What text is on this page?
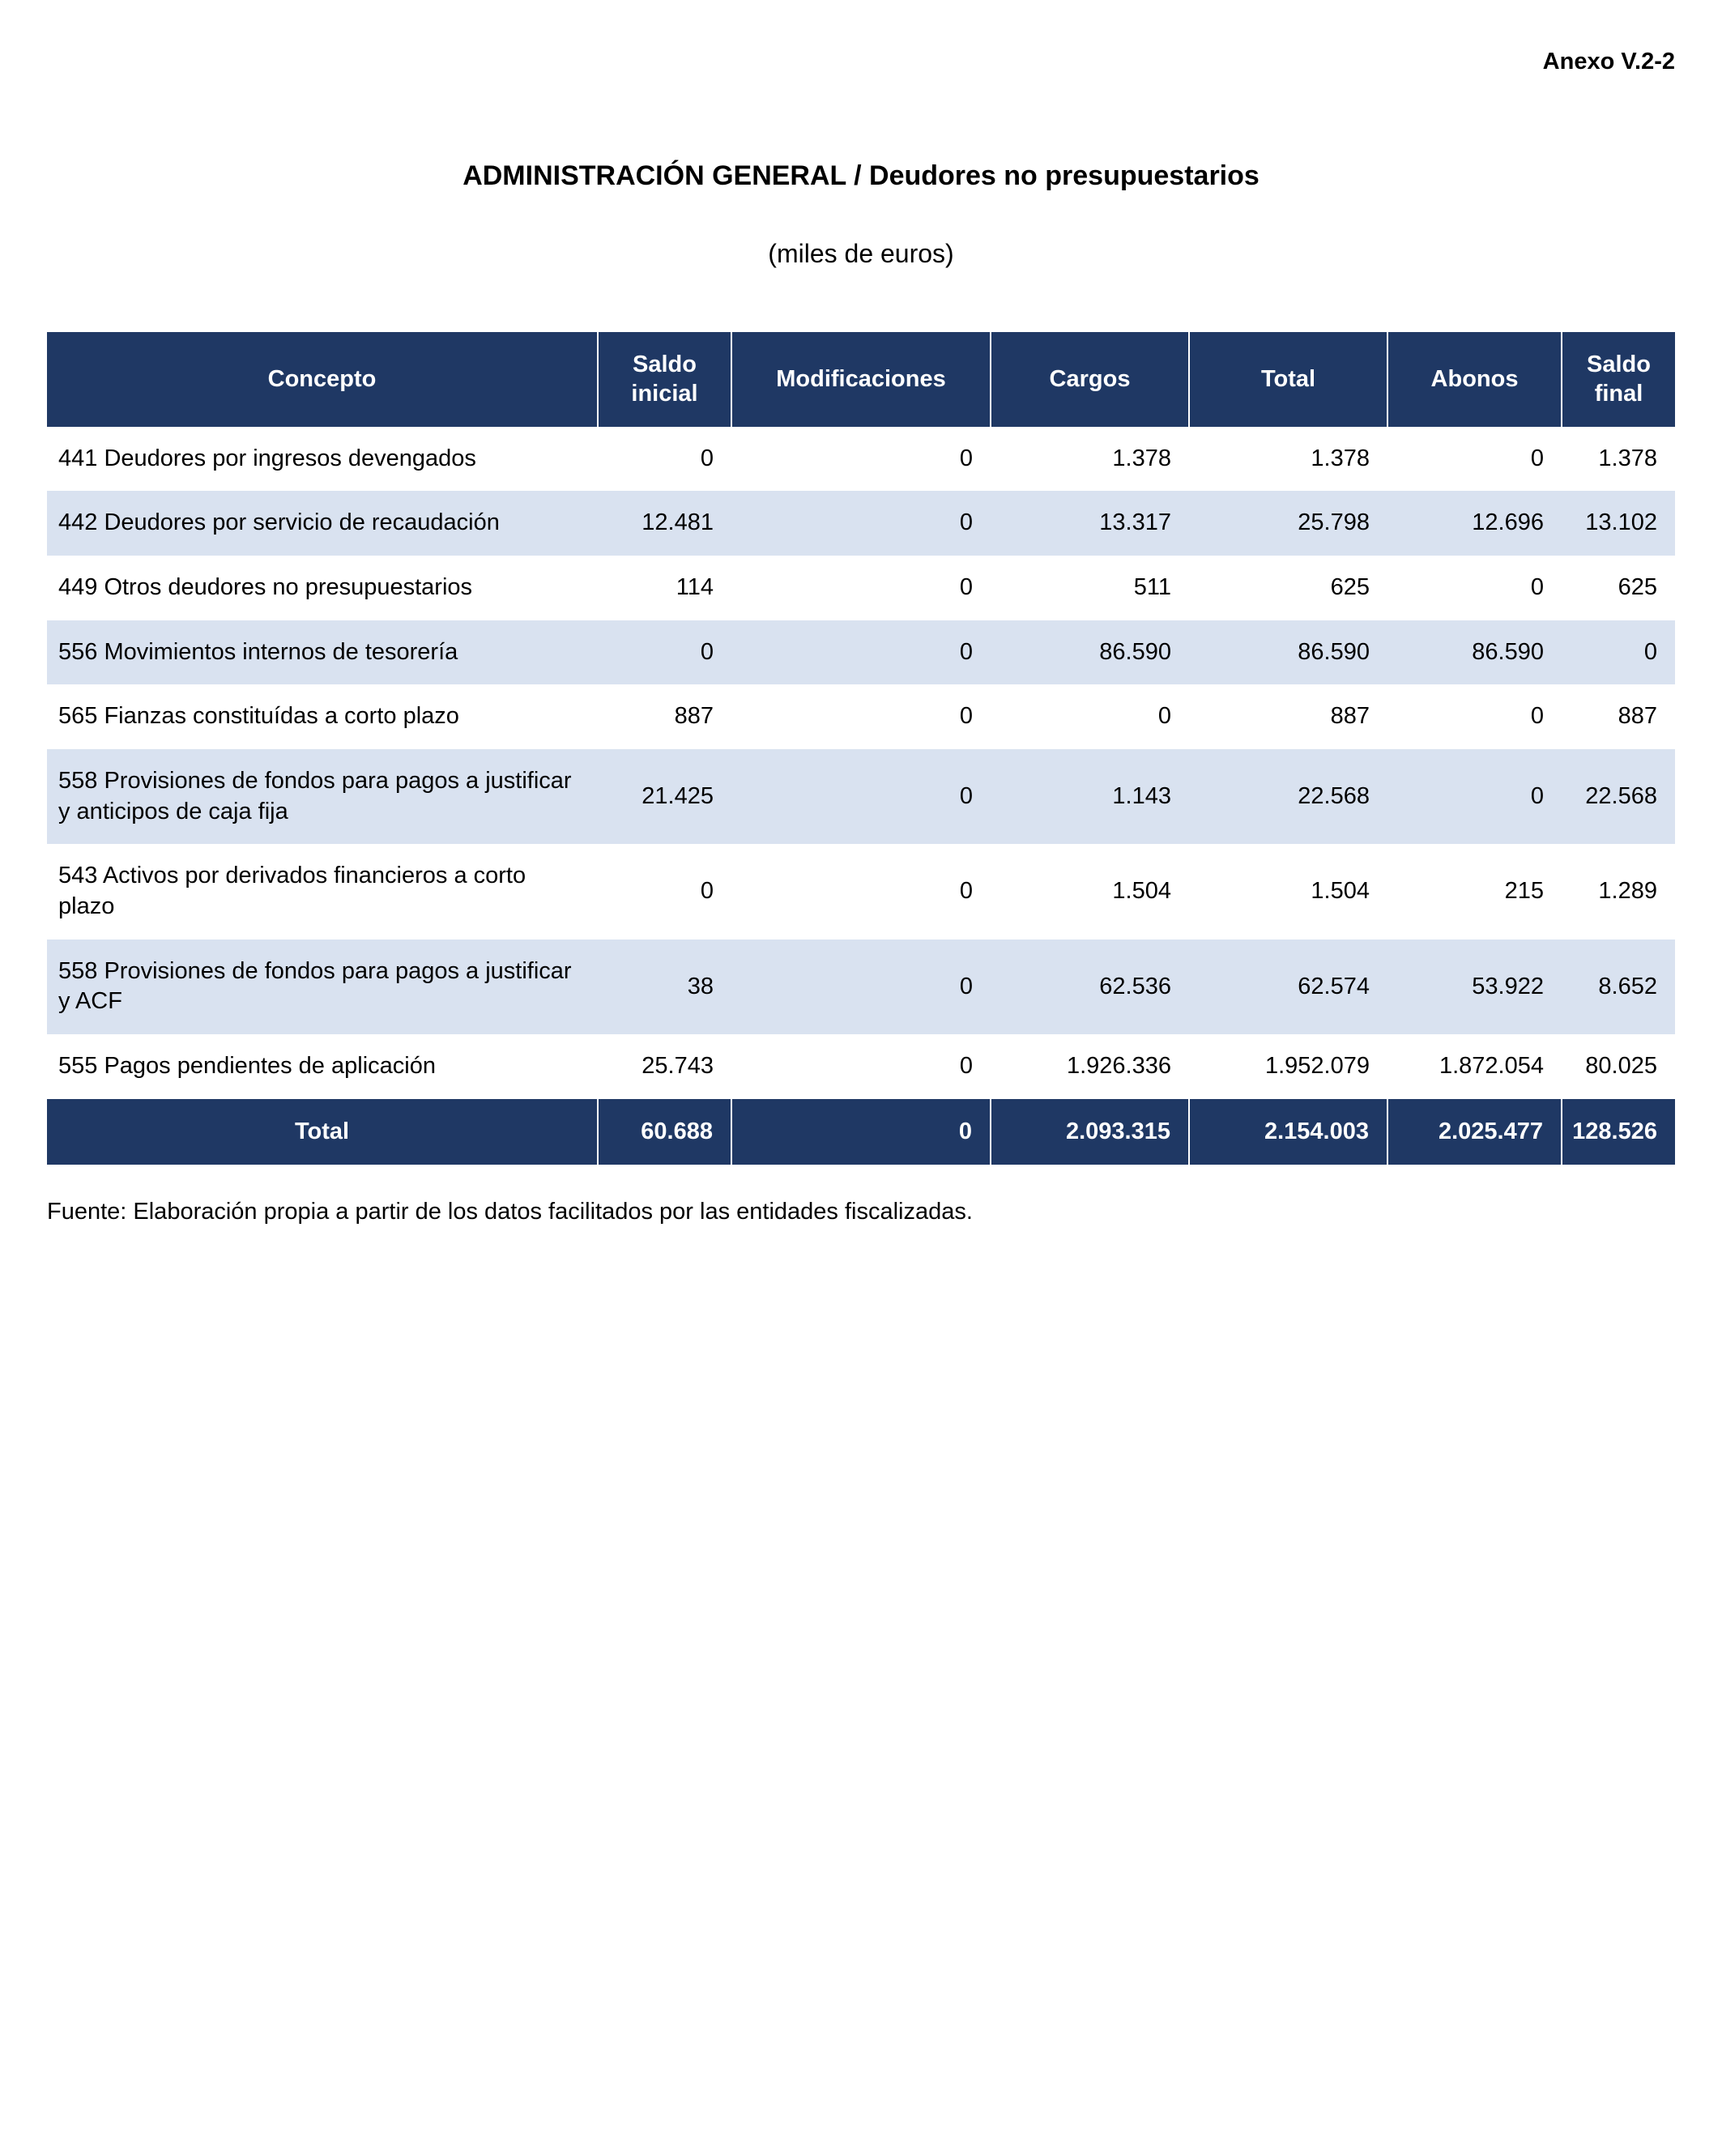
Anexo V.2-2
ADMINISTRACIÓN GENERAL / Deudores no presupuestarios
(miles de euros)
Concepto	Saldo inicial	Modificaciones	Cargos	Total	Abonos	Saldo final
441 Deudores por ingresos devengados	0	0	1.378	1.378	0	1.378
442 Deudores por servicio de recaudación	12.481	0	13.317	25.798	12.696	13.102
449 Otros deudores no presupuestarios	114	0	511	625	0	625
556 Movimientos internos de tesorería	0	0	86.590	86.590	86.590	0
565 Fianzas constituídas a corto plazo	887	0	0	887	0	887
558 Provisiones de fondos para pagos a justificar y anticipos de caja fija	21.425	0	1.143	22.568	0	22.568
543 Activos por derivados financieros a corto plazo	0	0	1.504	1.504	215	1.289
558 Provisiones de fondos para pagos a justificar y ACF	38	0	62.536	62.574	53.922	8.652
555 Pagos pendientes de aplicación	25.743	0	1.926.336	1.952.079	1.872.054	80.025
Total	60.688	0	2.093.315	2.154.003	2.025.477	128.526
Fuente: Elaboración propia a partir de los datos facilitados por las entidades fiscalizadas.
